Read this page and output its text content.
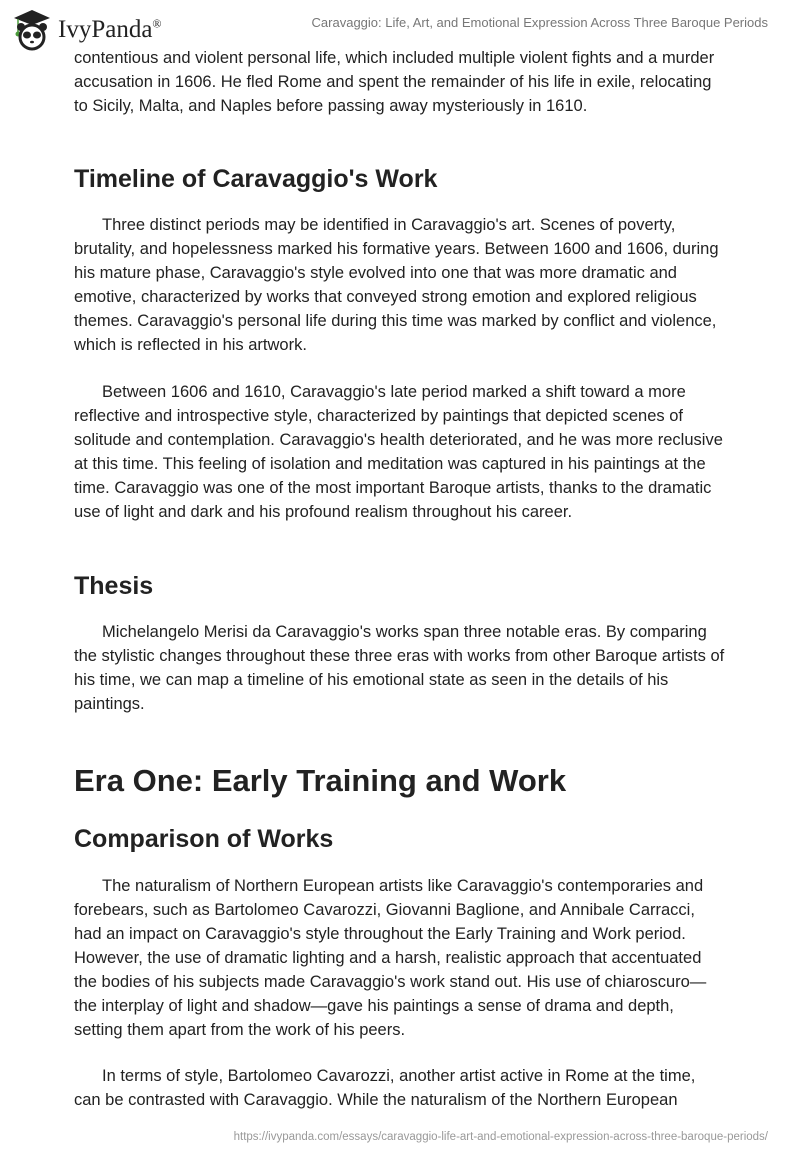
IvyPanda®	Caravaggio: Life, Art, and Emotional Expression Across Three Baroque Periods

contentious and violent personal life, which included multiple violent fights and a murder accusation in 1606. He fled Rome and spent the remainder of his life in exile, relocating to Sicily, Malta, and Naples before passing away mysteriously in 1610.

Timeline of Caravaggio's Work

Three distinct periods may be identified in Caravaggio's art. Scenes of poverty, brutality, and hopelessness marked his formative years. Between 1600 and 1606, during his mature phase, Caravaggio's style evolved into one that was more dramatic and emotive, characterized by works that conveyed strong emotion and explored religious themes. Caravaggio's personal life during this time was marked by conflict and violence, which is reflected in his artwork.

Between 1606 and 1610, Caravaggio's late period marked a shift toward a more reflective and introspective style, characterized by paintings that depicted scenes of solitude and contemplation. Caravaggio's health deteriorated, and he was more reclusive at this time. This feeling of isolation and meditation was captured in his paintings at the time. Caravaggio was one of the most important Baroque artists, thanks to the dramatic use of light and dark and his profound realism throughout his career.

Thesis

Michelangelo Merisi da Caravaggio's works span three notable eras. By comparing the stylistic changes throughout these three eras with works from other Baroque artists of his time, we can map a timeline of his emotional state as seen in the details of his paintings.

Era One: Early Training and Work
Comparison of Works

The naturalism of Northern European artists like Caravaggio's contemporaries and forebears, such as Bartolomeo Cavarozzi, Giovanni Baglione, and Annibale Carracci, had an impact on Caravaggio's style throughout the Early Training and Work period. However, the use of dramatic lighting and a harsh, realistic approach that accentuated the bodies of his subjects made Caravaggio's work stand out. His use of chiaroscuro—the interplay of light and shadow—gave his paintings a sense of drama and depth, setting them apart from the work of his peers.

In terms of style, Bartolomeo Cavarozzi, another artist active in Rome at the time, can be contrasted with Caravaggio. While the naturalism of the Northern European

https://ivypanda.com/essays/caravaggio-life-art-and-emotional-expression-across-three-baroque-periods/
